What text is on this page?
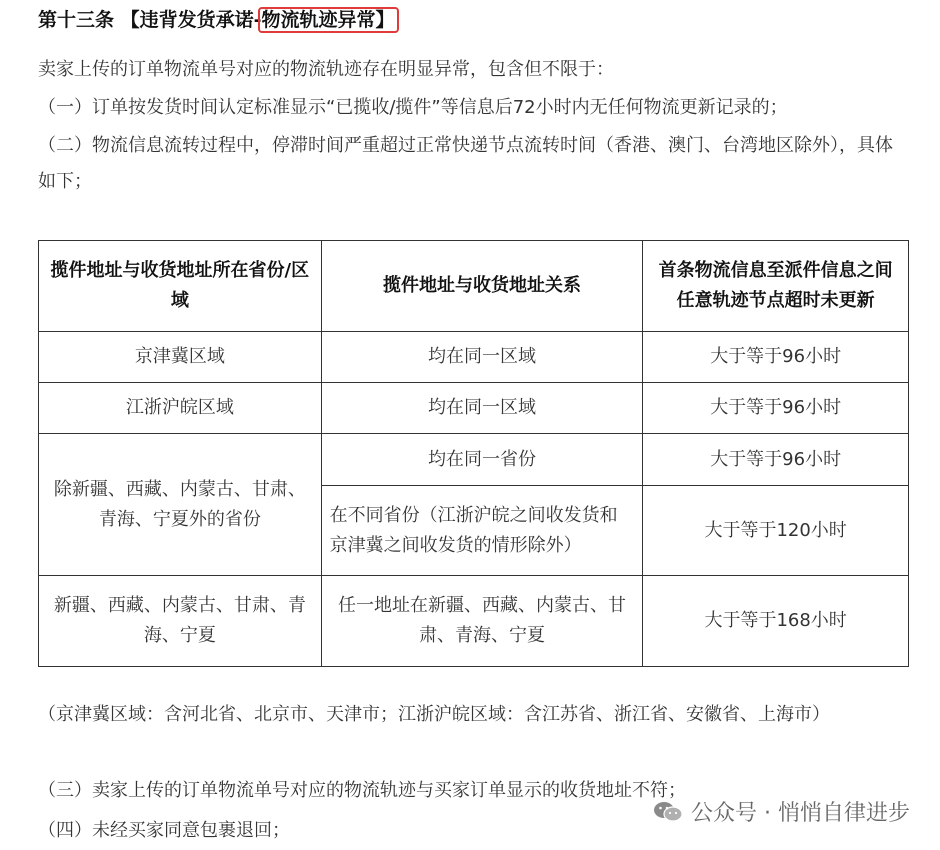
第十三条 【违背发货承诺-物流轨迹异常】
卖家上传的订单物流单号对应的物流轨迹存在明显异常，包含但不限于：
（一）订单按发货时间认定标准显示“已揽收/揽件”等信息后72小时内无任何物流更新记录的；
（二）物流信息流转过程中，停滞时间严重超过正常快递节点流转时间（香港、澳门、台湾地区除外），具体如下；
揽件地址与收货地址所在省份/区域	揽件地址与收货地址关系	首条物流信息至派件信息之间任意轨迹节点超时未更新
京津冀区域	均在同一区域	大于等于96小时
江浙沪皖区域	均在同一区域	大于等于96小时
除新疆、西藏、内蒙古、甘肃、青海、宁夏外的省份	均在同一省份	大于等于96小时
	在不同省份（江浙沪皖之间收发货和京津冀之间收发货的情形除外）	大于等于120小时
新疆、西藏、内蒙古、甘肃、青海、宁夏	任一地址在新疆、西藏、内蒙古、甘肃、青海、宁夏	大于等于168小时
（京津冀区域：含河北省、北京市、天津市；江浙沪皖区域：含江苏省、浙江省、安徽省、上海市）
（三）卖家上传的订单物流单号对应的物流轨迹与买家订单显示的收货地址不符；
（四）未经买家同意包裹退回；
公众号 · 悄悄自律进步
